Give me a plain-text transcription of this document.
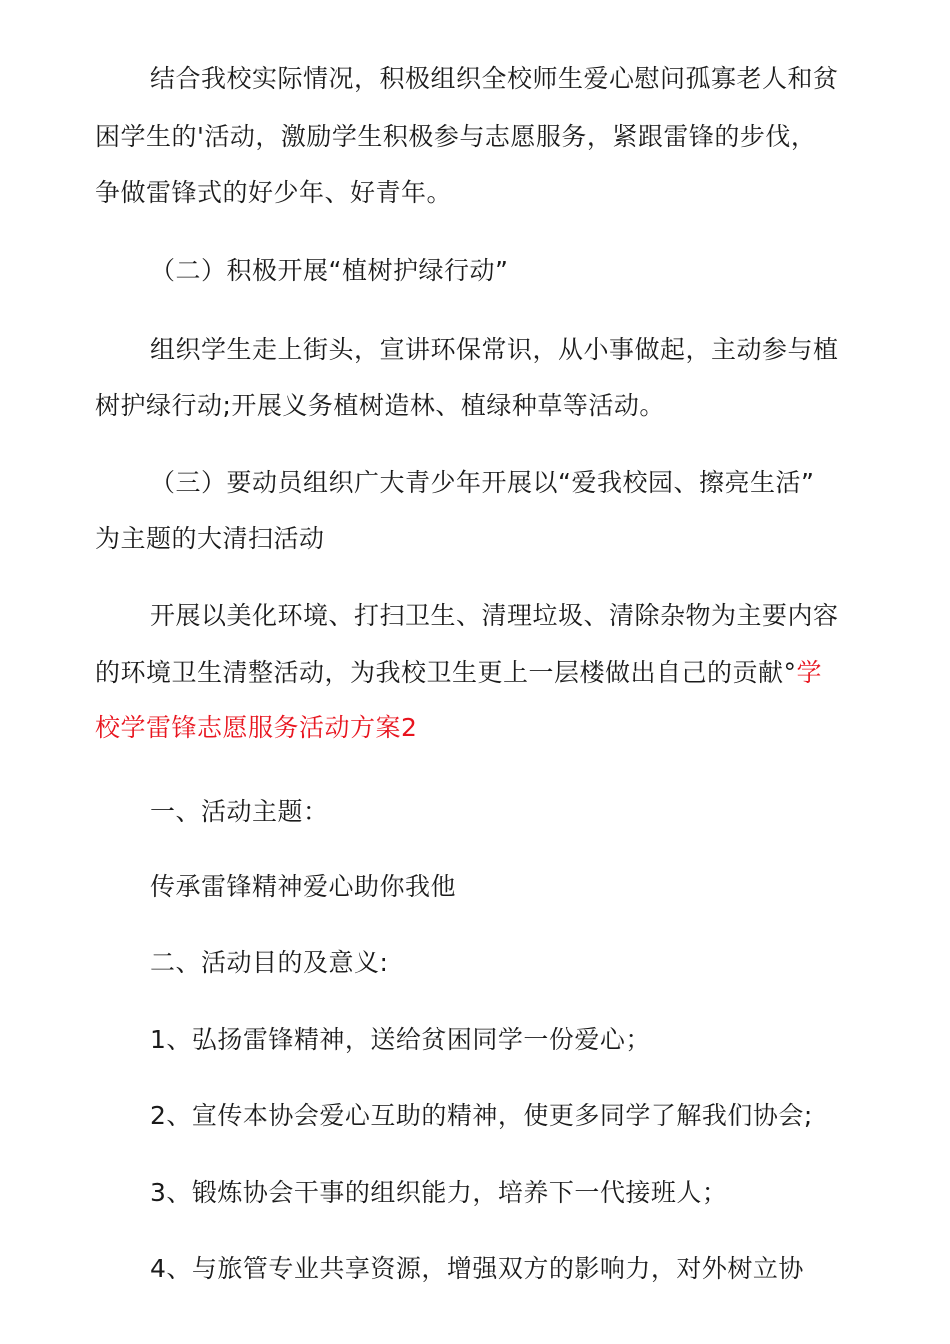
结合我校实际情况，积极组织全校师生爱心慰问孤寡老人和贫
困学生的'活动，激励学生积极参与志愿服务，紧跟雷锋的步伐，
争做雷锋式的好少年、好青年。
（二）积极开展“植树护绿行动”
组织学生走上街头，宣讲环保常识，从小事做起，主动参与植
树护绿行动;开展义务植树造林、植绿种草等活动。
（三）要动员组织广大青少年开展以“爱我校园、擦亮生活”
为主题的大清扫活动
开展以美化环境、打扫卫生、清理垃圾、清除杂物为主要内容
的环境卫生清整活动，为我校卫生更上一层楼做出自己的贡献°学
校学雷锋志愿服务活动方案2
一、活动主题：
传承雷锋精神爱心助你我他
二、活动目的及意义:
1、弘扬雷锋精神，送给贫困同学一份爱心；
2、宣传本协会爱心互助的精神，使更多同学了解我们协会;
3、锻炼协会干事的组织能力，培养下一代接班人；
4、与旅管专业共享资源，增强双方的影响力，对外树立协
